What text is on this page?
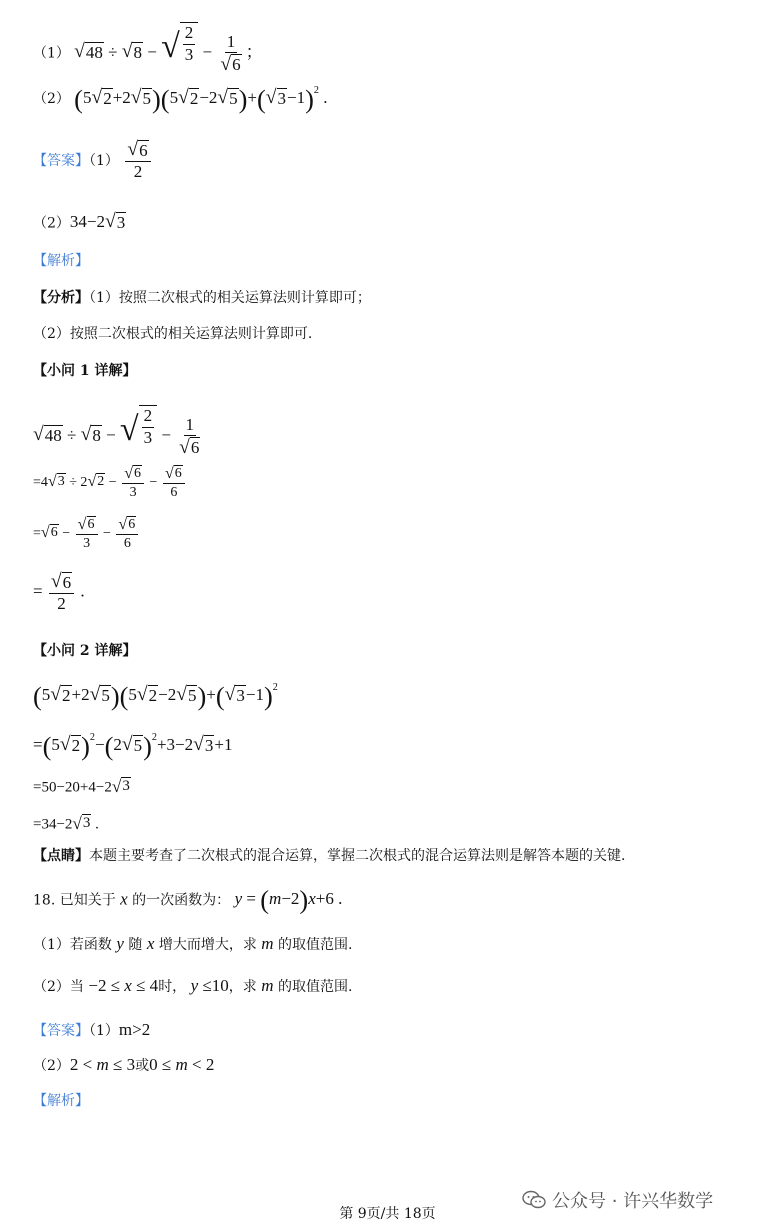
（1） √ 48 ÷ √ 8 − √ $\frac{2}{3} - \frac{1}{√ 6}$ ；
（2） (5 √ 2 +2 √ 5 )(5 √ 2 −2 √ 5 )+( √ 3 −1)$^2$ .
【答案】$(1) \frac{√ 6}{2}$
（2）34−2 √ 3
【解析】
【分析】（1）按照二次根式的相关运算法则计算即可；
（2）按照二次根式的相关运算法则计算即可.
【小问 1 详解】
√ 48 ÷ √ 8 − √ $\frac{2}{3} - \frac{1}{√ 6}$
=4 √ 3 ÷ 2 √ $2 - \frac{√ 6}{3} - \frac{√ 6}{6}$
= √ $6 - \frac{√ 6}{3} - \frac{√ 6}{6}$
= $\frac{√ 6}{2}$ .
【小问 2 详解】
(5 √ 2 +2 √ 5 )(5 √ 2 −2 √ 5 )+( √ 3 −1)$^2$
=(5 √ 2 )$^2$−(2 √ 5 )$^2$+3−2 √ 3 +1
=50−20+4−2 √ 3
=34−2 √ 3 .
【点睛】本题主要考查了二次根式的混合运算，掌握二次根式的混合运算法则是解答本题的关键.
18. 已知关于 x 的一次函数为： y = (m−2)x+6 .
（1）若函数 y 随 x 增大而增大，求 m 的取值范围.
（2）当 −2 ≤ x ≤ 4时， y ≤10，求 m 的取值范围.
【答案】（1）m>2
（2）2 < m ≤ 3或0 ≤ m < 2
【解析】
第 9页/共 18页
公众号 · 许兴华数学
